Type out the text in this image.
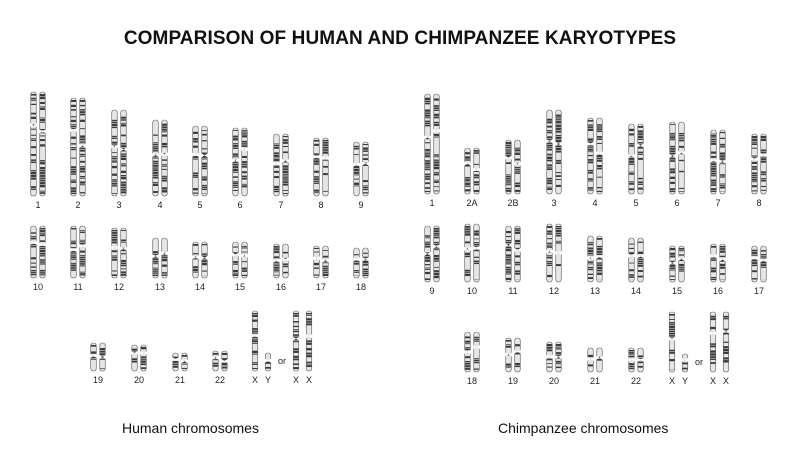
COMPARISON OF HUMAN AND CHIMPANZEE KARYOTYPES
1	2	3	4	5	6	7	8	9
10	11	12	13	14	15	16	17	18
19	20	21	22	X Y
or
X X
1	2A	2B	3	4	5	6	7	8
9	10	11	12	13	14	15	16	17
18	19	20	21	22	X Y
or
X X
Human chromosomes	Chimpanzee chromosomes
